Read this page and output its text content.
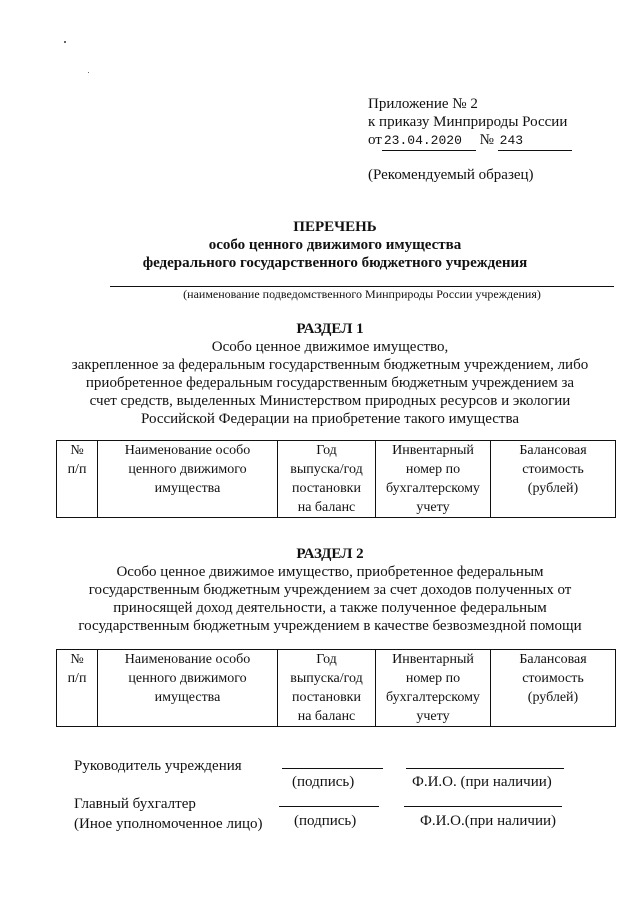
Приложение № 2
к приказу Минприроды России
от 23.04.2020 № 243
(Рекомендуемый образец)
ПЕРЕЧЕНЬ
особо ценного движимого имущества
федерального государственного бюджетного учреждения
(наименование подведомственного Минприроды России учреждения)
РАЗДЕЛ 1
Особо ценное движимое имущество,
закрепленное за федеральным государственным бюджетным учреждением, либо
приобретенное федеральным государственным бюджетным учреждением за
счет средств, выделенных Министерством природных ресурсов и экологии
Российской Федерации на приобретение такого имущества
№
п/п

Наименование особо
ценного движимого
имущества

Год
выпуска/год
постановки
на баланс

Инвентарный
номер по
бухгалтерскому
учету

Балансовая
стоимость
(рублей)
РАЗДЕЛ 2
Особо ценное движимое имущество, приобретенное федеральным
государственным бюджетным учреждением за счет доходов полученных от
приносящей доход деятельности, а также полученное федеральным
государственным бюджетным учреждением в качестве безвозмездной помощи
№
п/п

Наименование особо
ценного движимого
имущества

Год
выпуска/год
постановки
на баланс

Инвентарный
номер по
бухгалтерскому
учету

Балансовая
стоимость
(рублей)
Руководитель учреждения
(подпись)	Ф.И.О. (при наличии)
Главный бухгалтер
(Иное уполномоченное лицо) (подпись)	Ф.И.О.(при наличии)
